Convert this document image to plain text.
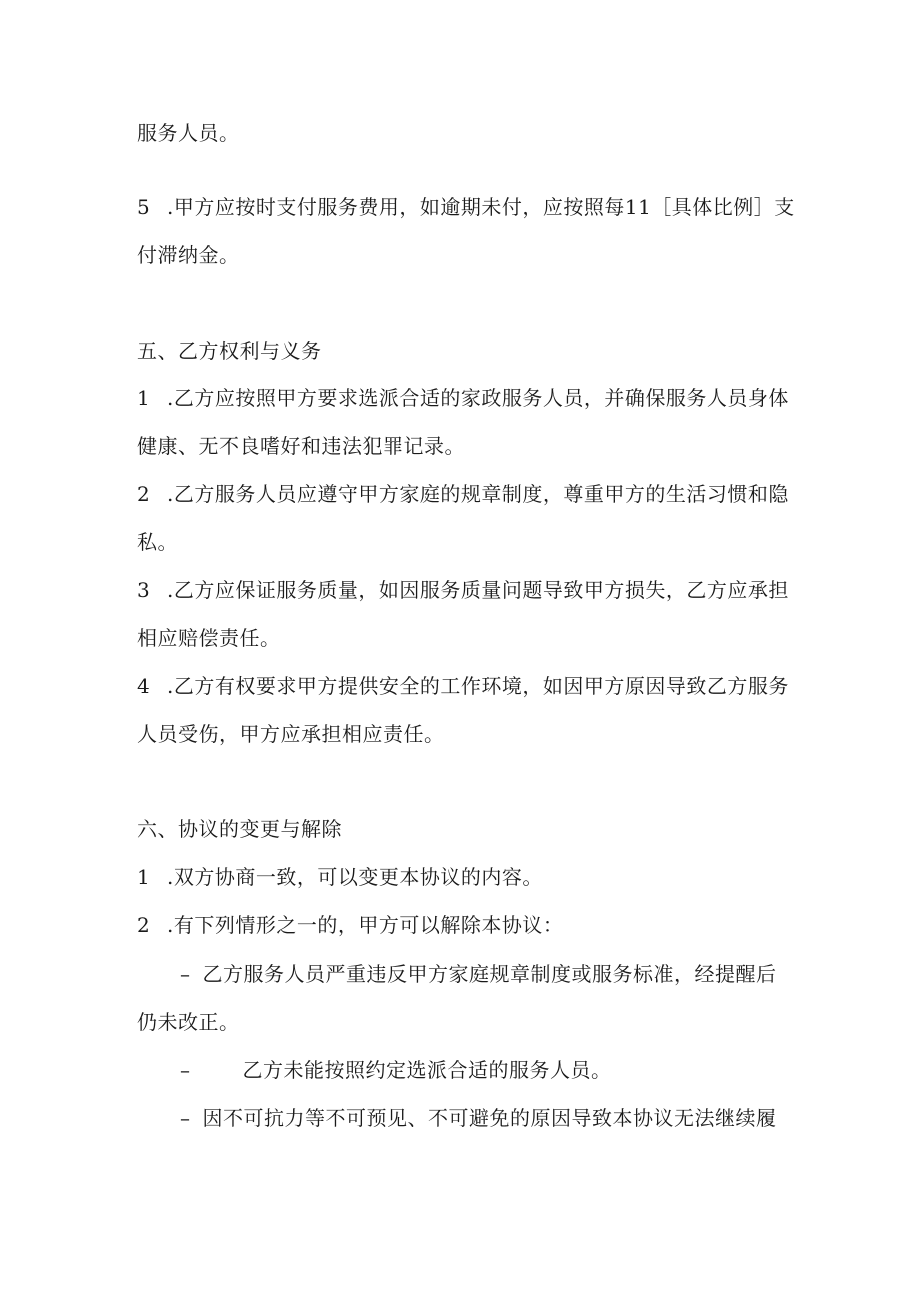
服务人员。
5 .甲方应按时支付服务费用，如逾期未付，应按照每11［具体比例］支
付滞纳金。
五、乙方权利与义务
1 .乙方应按照甲方要求选派合适的家政服务人员，并确保服务人员身体
健康、无不良嗜好和违法犯罪记录。
2 .乙方服务人员应遵守甲方家庭的规章制度，尊重甲方的生活习惯和隐
私。
3 .乙方应保证服务质量，如因服务质量问题导致甲方损失，乙方应承担
相应赔偿责任。
4 .乙方有权要求甲方提供安全的工作环境，如因甲方原因导致乙方服务
人员受伤，甲方应承担相应责任。
六、协议的变更与解除
1 .双方协商一致，可以变更本协议的内容。
2 .有下列情形之一的，甲方可以解除本协议：
– 乙方服务人员严重违反甲方家庭规章制度或服务标准，经提醒后
仍未改正。
–	乙方未能按照约定选派合适的服务人员。
– 因不可抗力等不可预见、不可避免的原因导致本协议无法继续履
